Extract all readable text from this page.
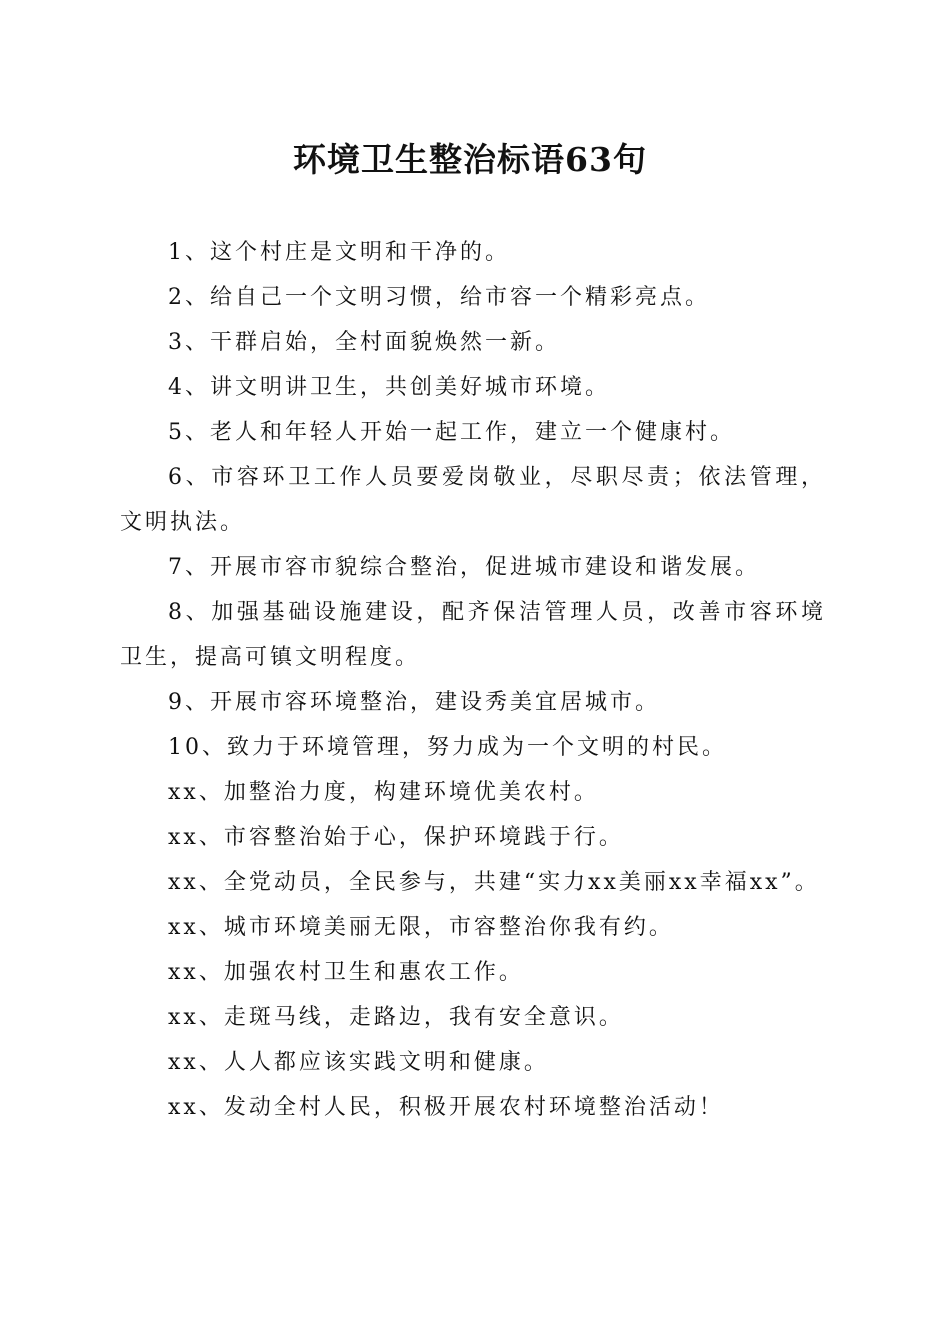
环境卫生整治标语63句

1、这个村庄是文明和干净的。

2、给自己一个文明习惯，给市容一个精彩亮点。

3、干群启始，全村面貌焕然一新。

4、讲文明讲卫生，共创美好城市环境。

5、老人和年轻人开始一起工作，建立一个健康村。

6、市容环卫工作人员要爱岗敬业，尽职尽责；依法管理，文明执法。

7、开展市容市貌综合整治，促进城市建设和谐发展。

8、加强基础设施建设，配齐保洁管理人员，改善市容环境卫生，提高可镇文明程度。

9、开展市容环境整治，建设秀美宜居城市。

10、致力于环境管理，努力成为一个文明的村民。

xx、加整治力度，构建环境优美农村。

xx、市容整治始于心，保护环境践于行。

xx、全党动员，全民参与，共建“实力xx美丽xx幸福xx”。

xx、城市环境美丽无限，市容整治你我有约。

xx、加强农村卫生和惠农工作。

xx、走斑马线，走路边，我有安全意识。

xx、人人都应该实践文明和健康。

xx、发动全村人民，积极开展农村环境整治活动！
